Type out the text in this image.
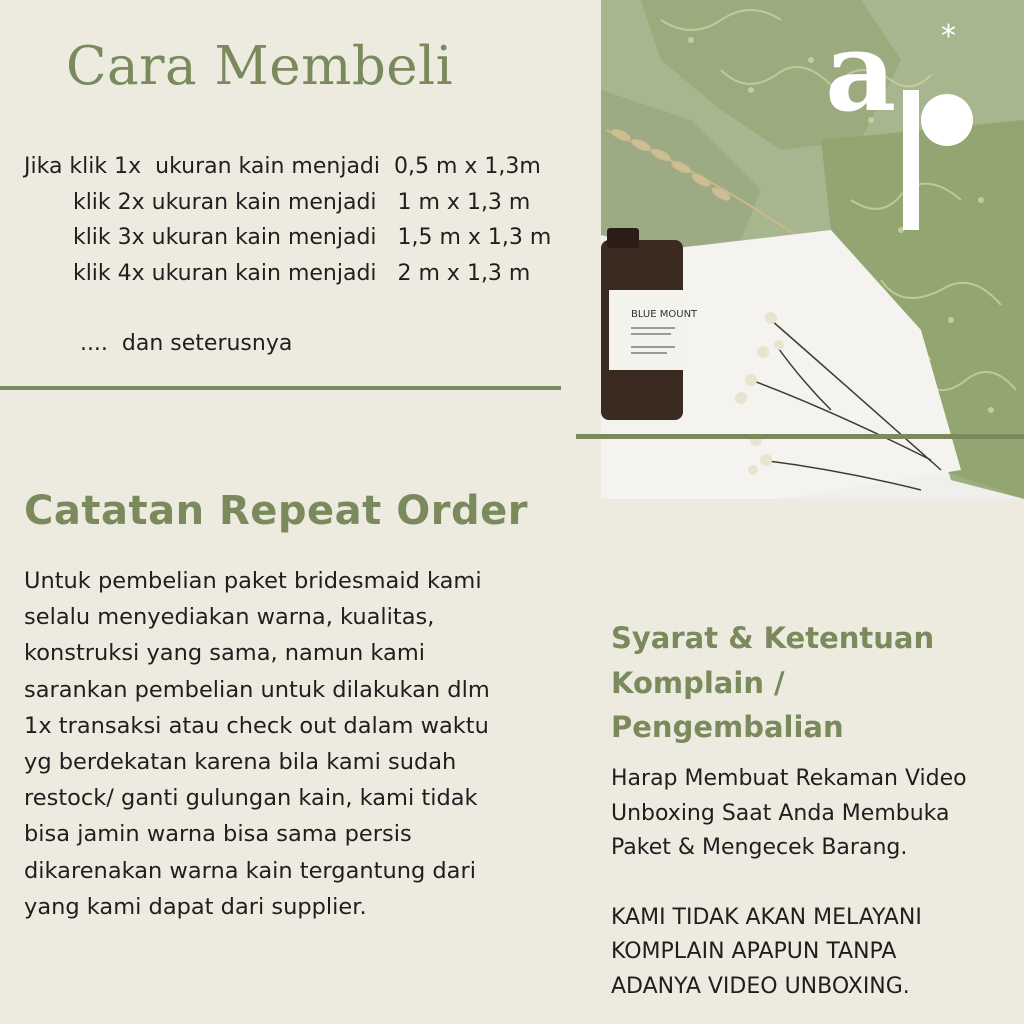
Cara Membeli
Jika klik 1x  ukuran kain menjadi  0,5 m x 1,3m
klik 2x ukuran kain menjadi   1 m x 1,3 m
klik 3x ukuran kain menjadi   1,5 m x 1,3 m
klik 4x ukuran kain menjadi   2 m x 1,3 m
....  dan seterusnya
BLUE MOUNT
a *
Catatan Repeat Order
Untuk pembelian paket bridesmaid kami
selalu menyediakan warna, kualitas,
konstruksi yang sama, namun kami
sarankan pembelian untuk dilakukan dlm
1x transaksi atau check out dalam waktu
yg berdekatan karena bila kami sudah
restock/ ganti gulungan kain, kami tidak
bisa jamin warna bisa sama persis
dikarenakan warna kain tergantung dari
yang kami dapat dari supplier.
Syarat & Ketentuan
Komplain /
Pengembalian
Harap Membuat Rekaman Video
Unboxing Saat Anda Membuka
Paket & Mengecek Barang.
KAMI TIDAK AKAN MELAYANI
KOMPLAIN APAPUN TANPA
ADANYA VIDEO UNBOXING.
